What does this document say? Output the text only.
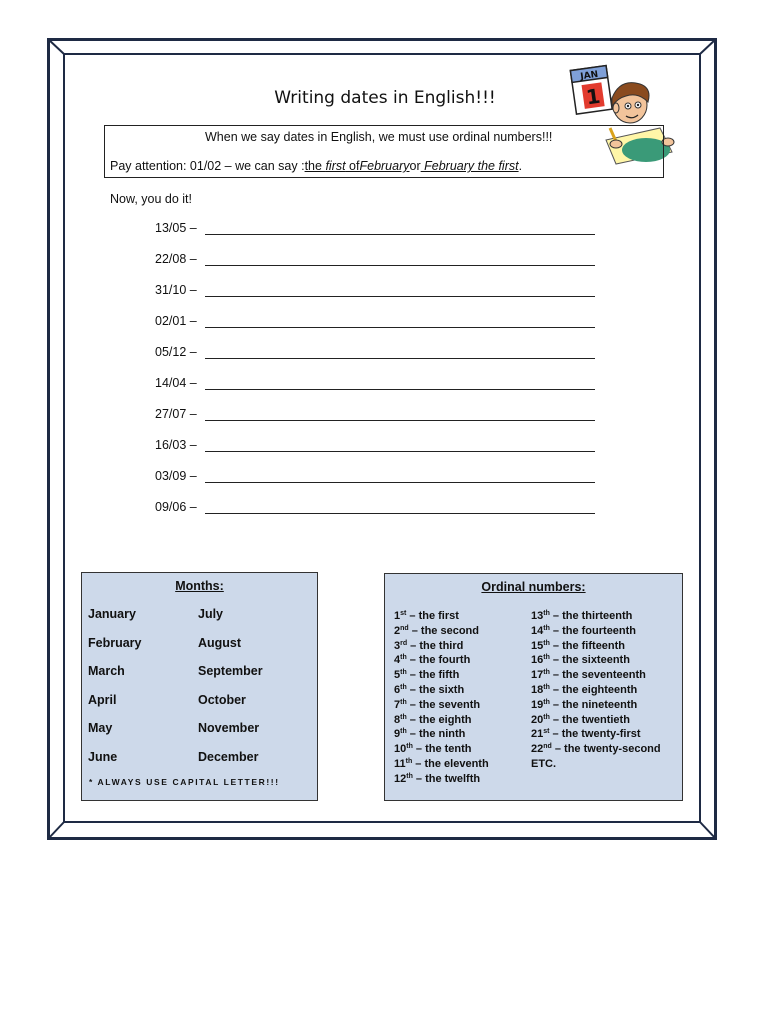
Writing dates in English!!!
JAN
1
When we say dates in English, we must use ordinal numbers!!!
Pay attention: 01/02 – we can say :the first ofFebruaryor February the first.
Now, you do it!
13/05 –
22/08 –
31/10 –
02/01 –
05/12 –
14/04 –
27/07 –
16/03 –
03/09 –
09/06 –
Months:
January	July
February	August
March	September
April	October
May	November
June	December
* ALWAYS USE CAPITAL LETTER!!!
Ordinal numbers:
1st – the first
2nd – the second
3rd – the third
4th – the fourth
5th – the fifth
6th – the sixth
7th – the seventh
8th – the eighth
9th – the ninth
10th – the tenth
11th – the eleventh
12th – the twelfth
13th – the thirteenth
14th – the fourteenth
15th – the fifteenth
16th – the sixteenth
17th – the seventeenth
18th – the eighteenth
19th – the nineteenth
20th – the twentieth
21st – the twenty-first
22nd – the twenty-second
ETC.
